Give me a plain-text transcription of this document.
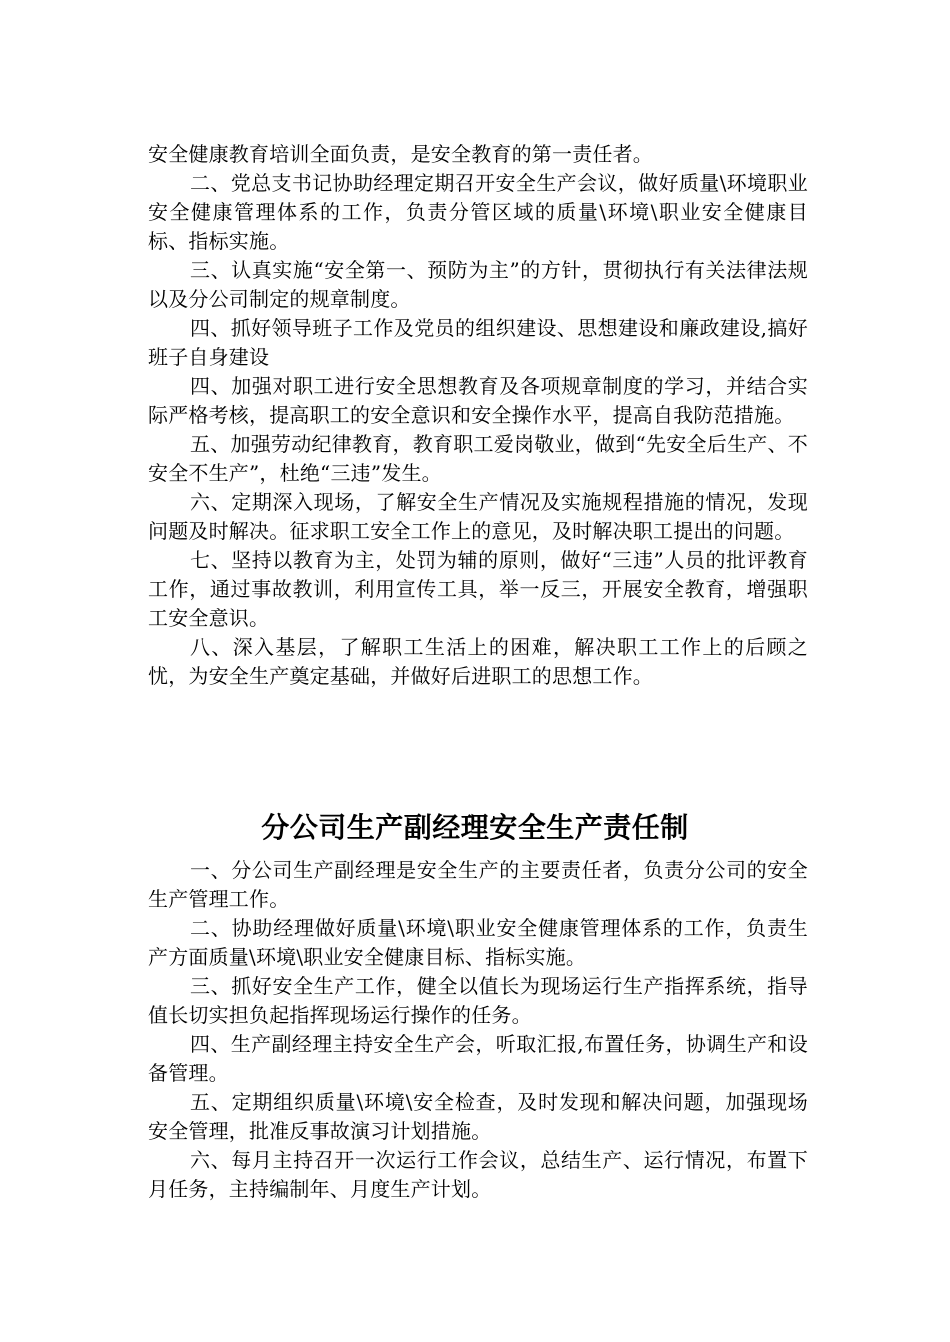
安全健康教育培训全面负责，是安全教育的第一责任者。

二、党总支书记协助经理定期召开安全生产会议，做好质量\环境职业安全健康管理体系的工作，负责分管区域的质量\环境\职业安全健康目标、指标实施。

三、认真实施“安全第一、预防为主”的方针，贯彻执行有关法律法规以及分公司制定的规章制度。

四、抓好领导班子工作及党员的组织建设、思想建设和廉政建设,搞好班子自身建设

四、加强对职工进行安全思想教育及各项规章制度的学习，并结合实际严格考核，提高职工的安全意识和安全操作水平，提高自我防范措施。

五、加强劳动纪律教育，教育职工爱岗敬业，做到“先安全后生产、不安全不生产”，杜绝“三违”发生。

六、定期深入现场，了解安全生产情况及实施规程措施的情况，发现问题及时解决。征求职工安全工作上的意见，及时解决职工提出的问题。

七、坚持以教育为主，处罚为辅的原则，做好“三违”人员的批评教育工作，通过事故教训，利用宣传工具，举一反三，开展安全教育，增强职工安全意识。

八、深入基层，了解职工生活上的困难，解决职工工作上的后顾之忧，为安全生产奠定基础，并做好后进职工的思想工作。

分公司生产副经理安全生产责任制

一、分公司生产副经理是安全生产的主要责任者，负责分公司的安全生产管理工作。

二、协助经理做好质量\环境\职业安全健康管理体系的工作，负责生产方面质量\环境\职业安全健康目标、指标实施。

三、抓好安全生产工作，健全以值长为现场运行生产指挥系统，指导值长切实担负起指挥现场运行操作的任务。

四、生产副经理主持安全生产会，听取汇报,布置任务，协调生产和设备管理。

五、定期组织质量\环境\安全检查，及时发现和解决问题，加强现场安全管理，批准反事故演习计划措施。

六、每月主持召开一次运行工作会议，总结生产、运行情况，布置下月任务，主持编制年、月度生产计划。
